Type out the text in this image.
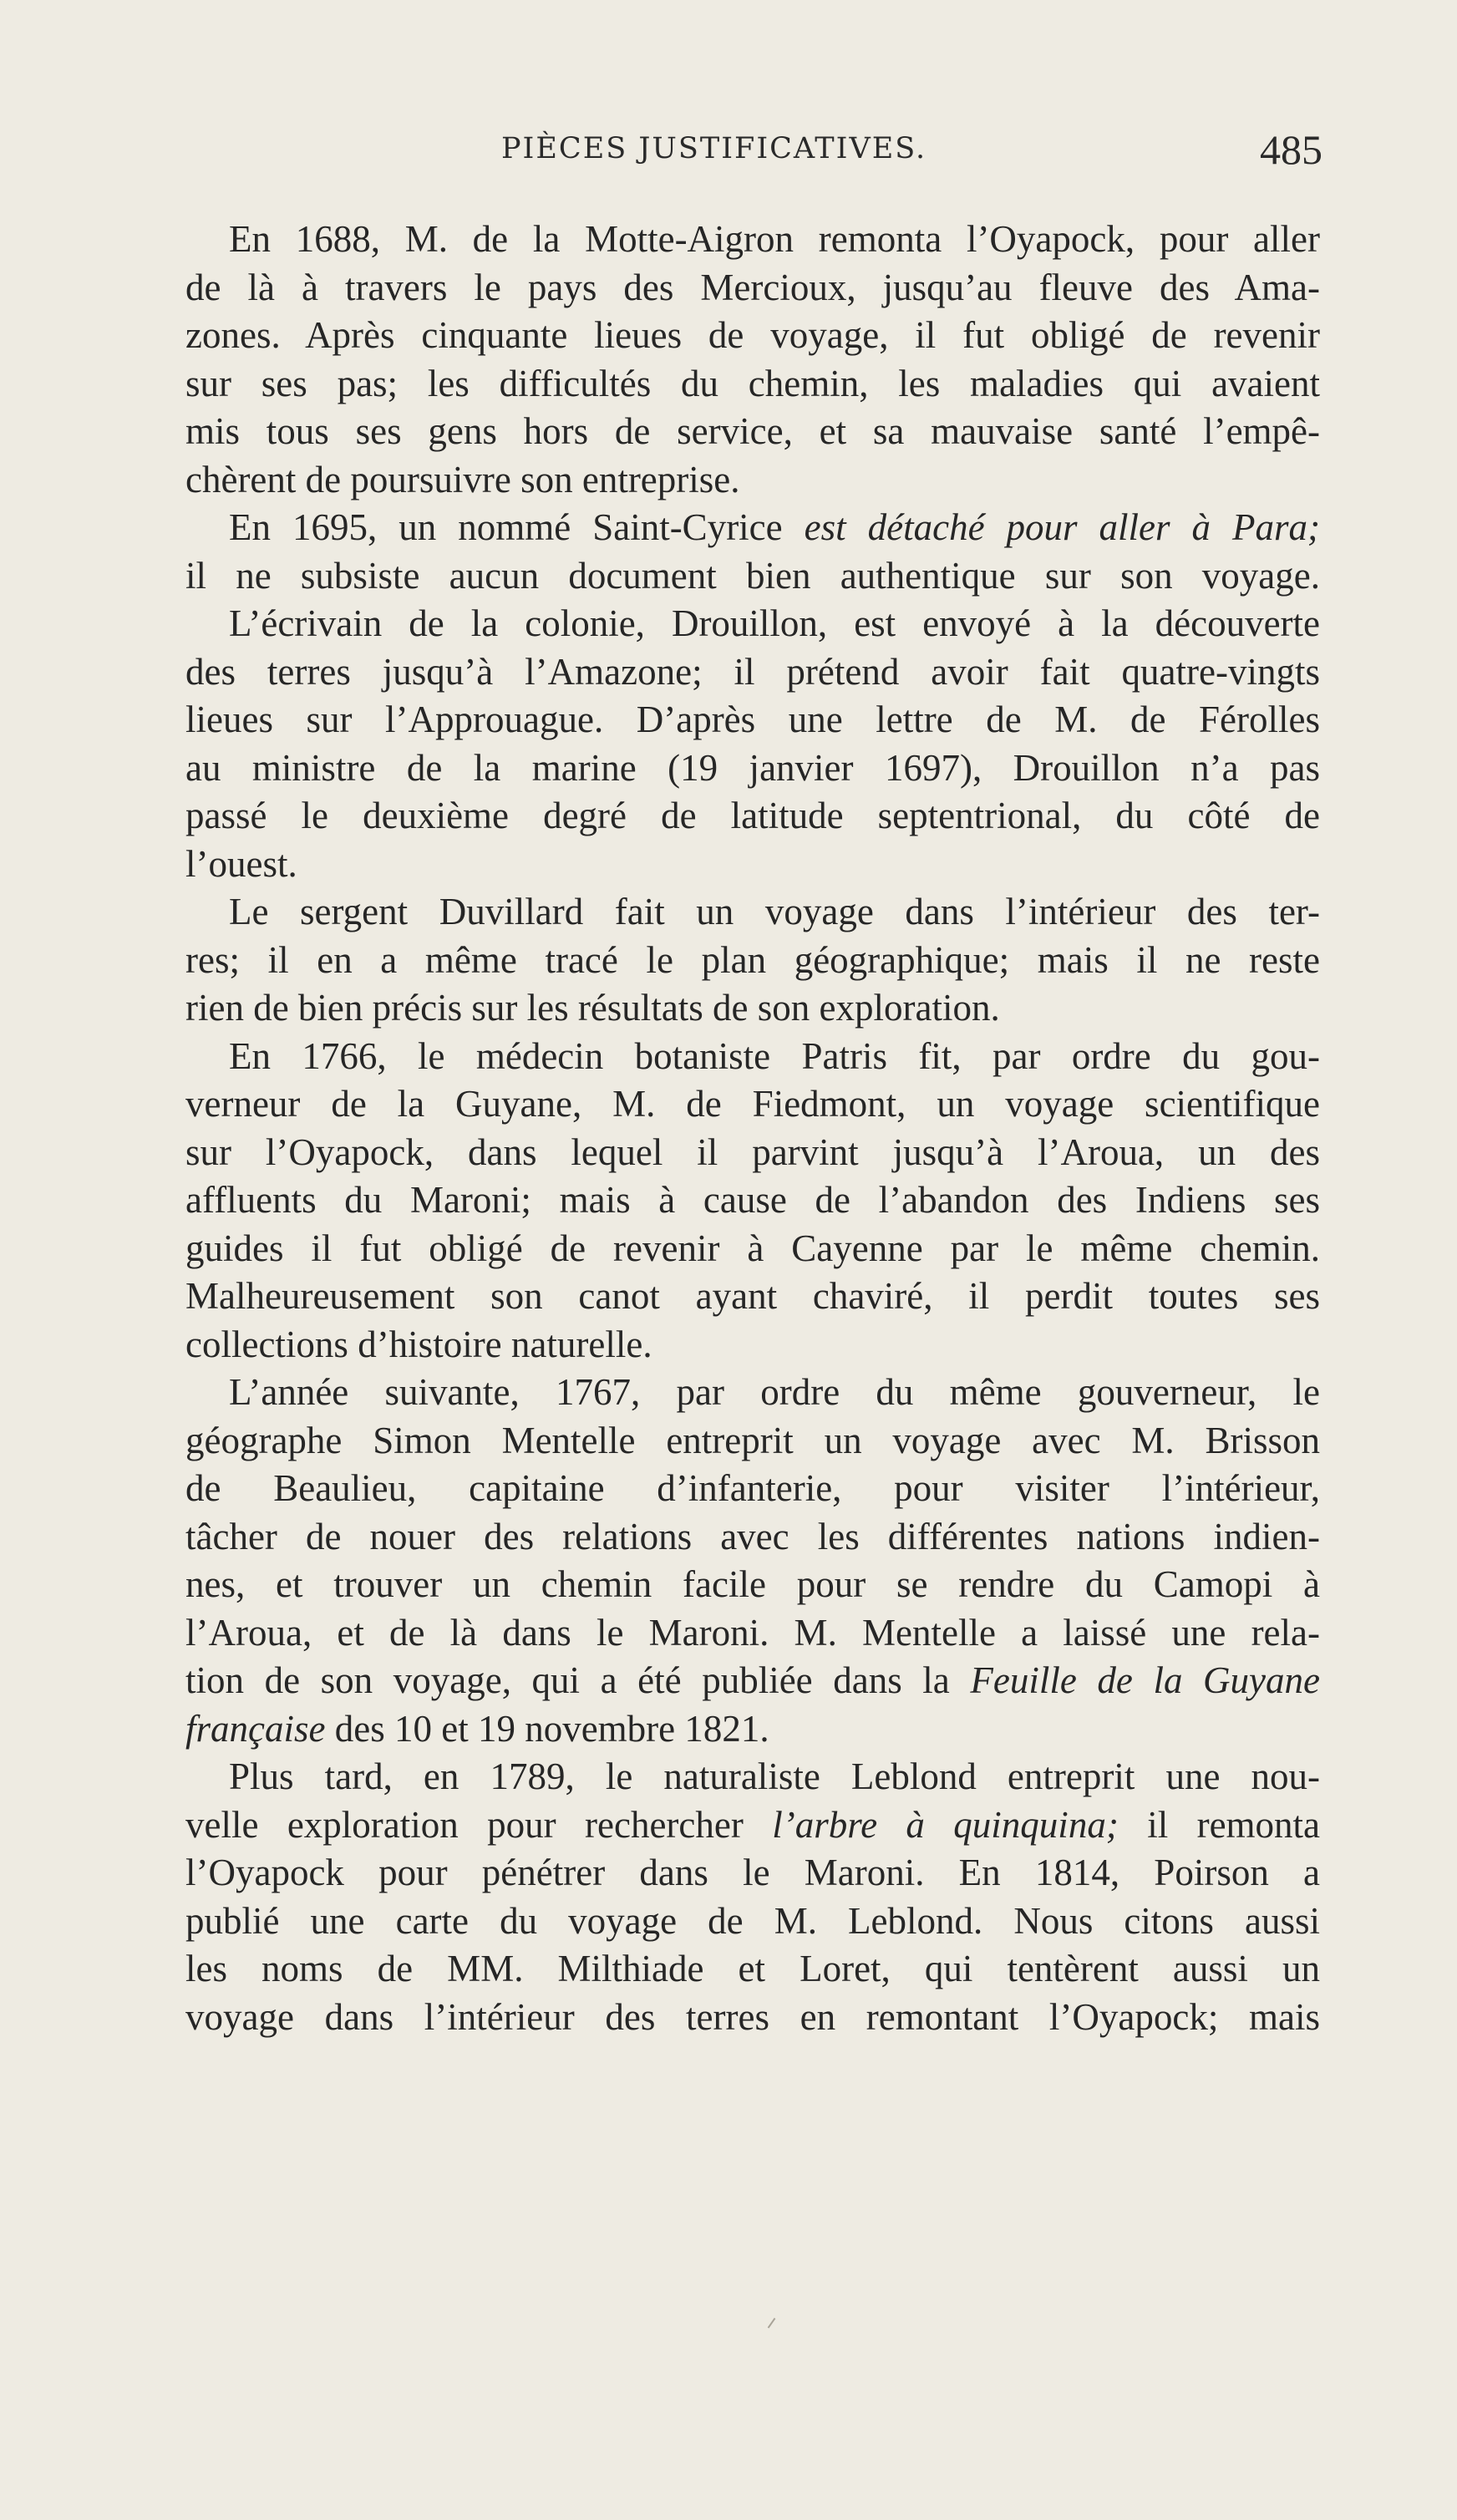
PIÈCES JUSTIFICATIVES.	485
En 1688, M. de la Motte-Aigron remonta l’Oyapock, pour aller
de là à travers le pays des Mercioux, jusqu’au fleuve des Ama-
zones. Après cinquante lieues de voyage, il fut obligé de revenir
sur ses pas; les difficultés du chemin, les maladies qui avaient
mis tous ses gens hors de service, et sa mauvaise santé l’empê-
chèrent de poursuivre son entreprise.
En 1695, un nommé Saint-Cyrice est détaché pour aller à Para;
il ne subsiste aucun document bien authentique sur son voyage.
L’écrivain de la colonie, Drouillon, est envoyé à la découverte
des terres jusqu’à l’Amazone; il prétend avoir fait quatre-vingts
lieues sur l’Approuague. D’après une lettre de M. de Férolles
au ministre de la marine (19 janvier 1697), Drouillon n’a pas
passé le deuxième degré de latitude septentrional, du côté de
l’ouest.
Le sergent Duvillard fait un voyage dans l’intérieur des ter-
res; il en a même tracé le plan géographique; mais il ne reste
rien de bien précis sur les résultats de son exploration.
En 1766, le médecin botaniste Patris fit, par ordre du gou-
verneur de la Guyane, M. de Fiedmont, un voyage scientifique
sur l’Oyapock, dans lequel il parvint jusqu’à l’Aroua, un des
affluents du Maroni; mais à cause de l’abandon des Indiens ses
guides il fut obligé de revenir à Cayenne par le même chemin.
Malheureusement son canot ayant chaviré, il perdit toutes ses
collections d’histoire naturelle.
L’année suivante, 1767, par ordre du même gouverneur, le
géographe Simon Mentelle entreprit un voyage avec M. Brisson
de Beaulieu, capitaine d’infanterie, pour visiter l’intérieur,
tâcher de nouer des relations avec les différentes nations indien-
nes, et trouver un chemin facile pour se rendre du Camopi à
l’Aroua, et de là dans le Maroni. M. Mentelle a laissé une rela-
tion de son voyage, qui a été publiée dans la Feuille de la Guyane
française des 10 et 19 novembre 1821.
Plus tard, en 1789, le naturaliste Leblond entreprit une nou-
velle exploration pour rechercher l’arbre à quinquina; il remonta
l’Oyapock pour pénétrer dans le Maroni. En 1814, Poirson a
publié une carte du voyage de M. Leblond. Nous citons aussi
les noms de MM. Milthiade et Loret, qui tentèrent aussi un
voyage dans l’intérieur des terres en remontant l’Oyapock; mais
